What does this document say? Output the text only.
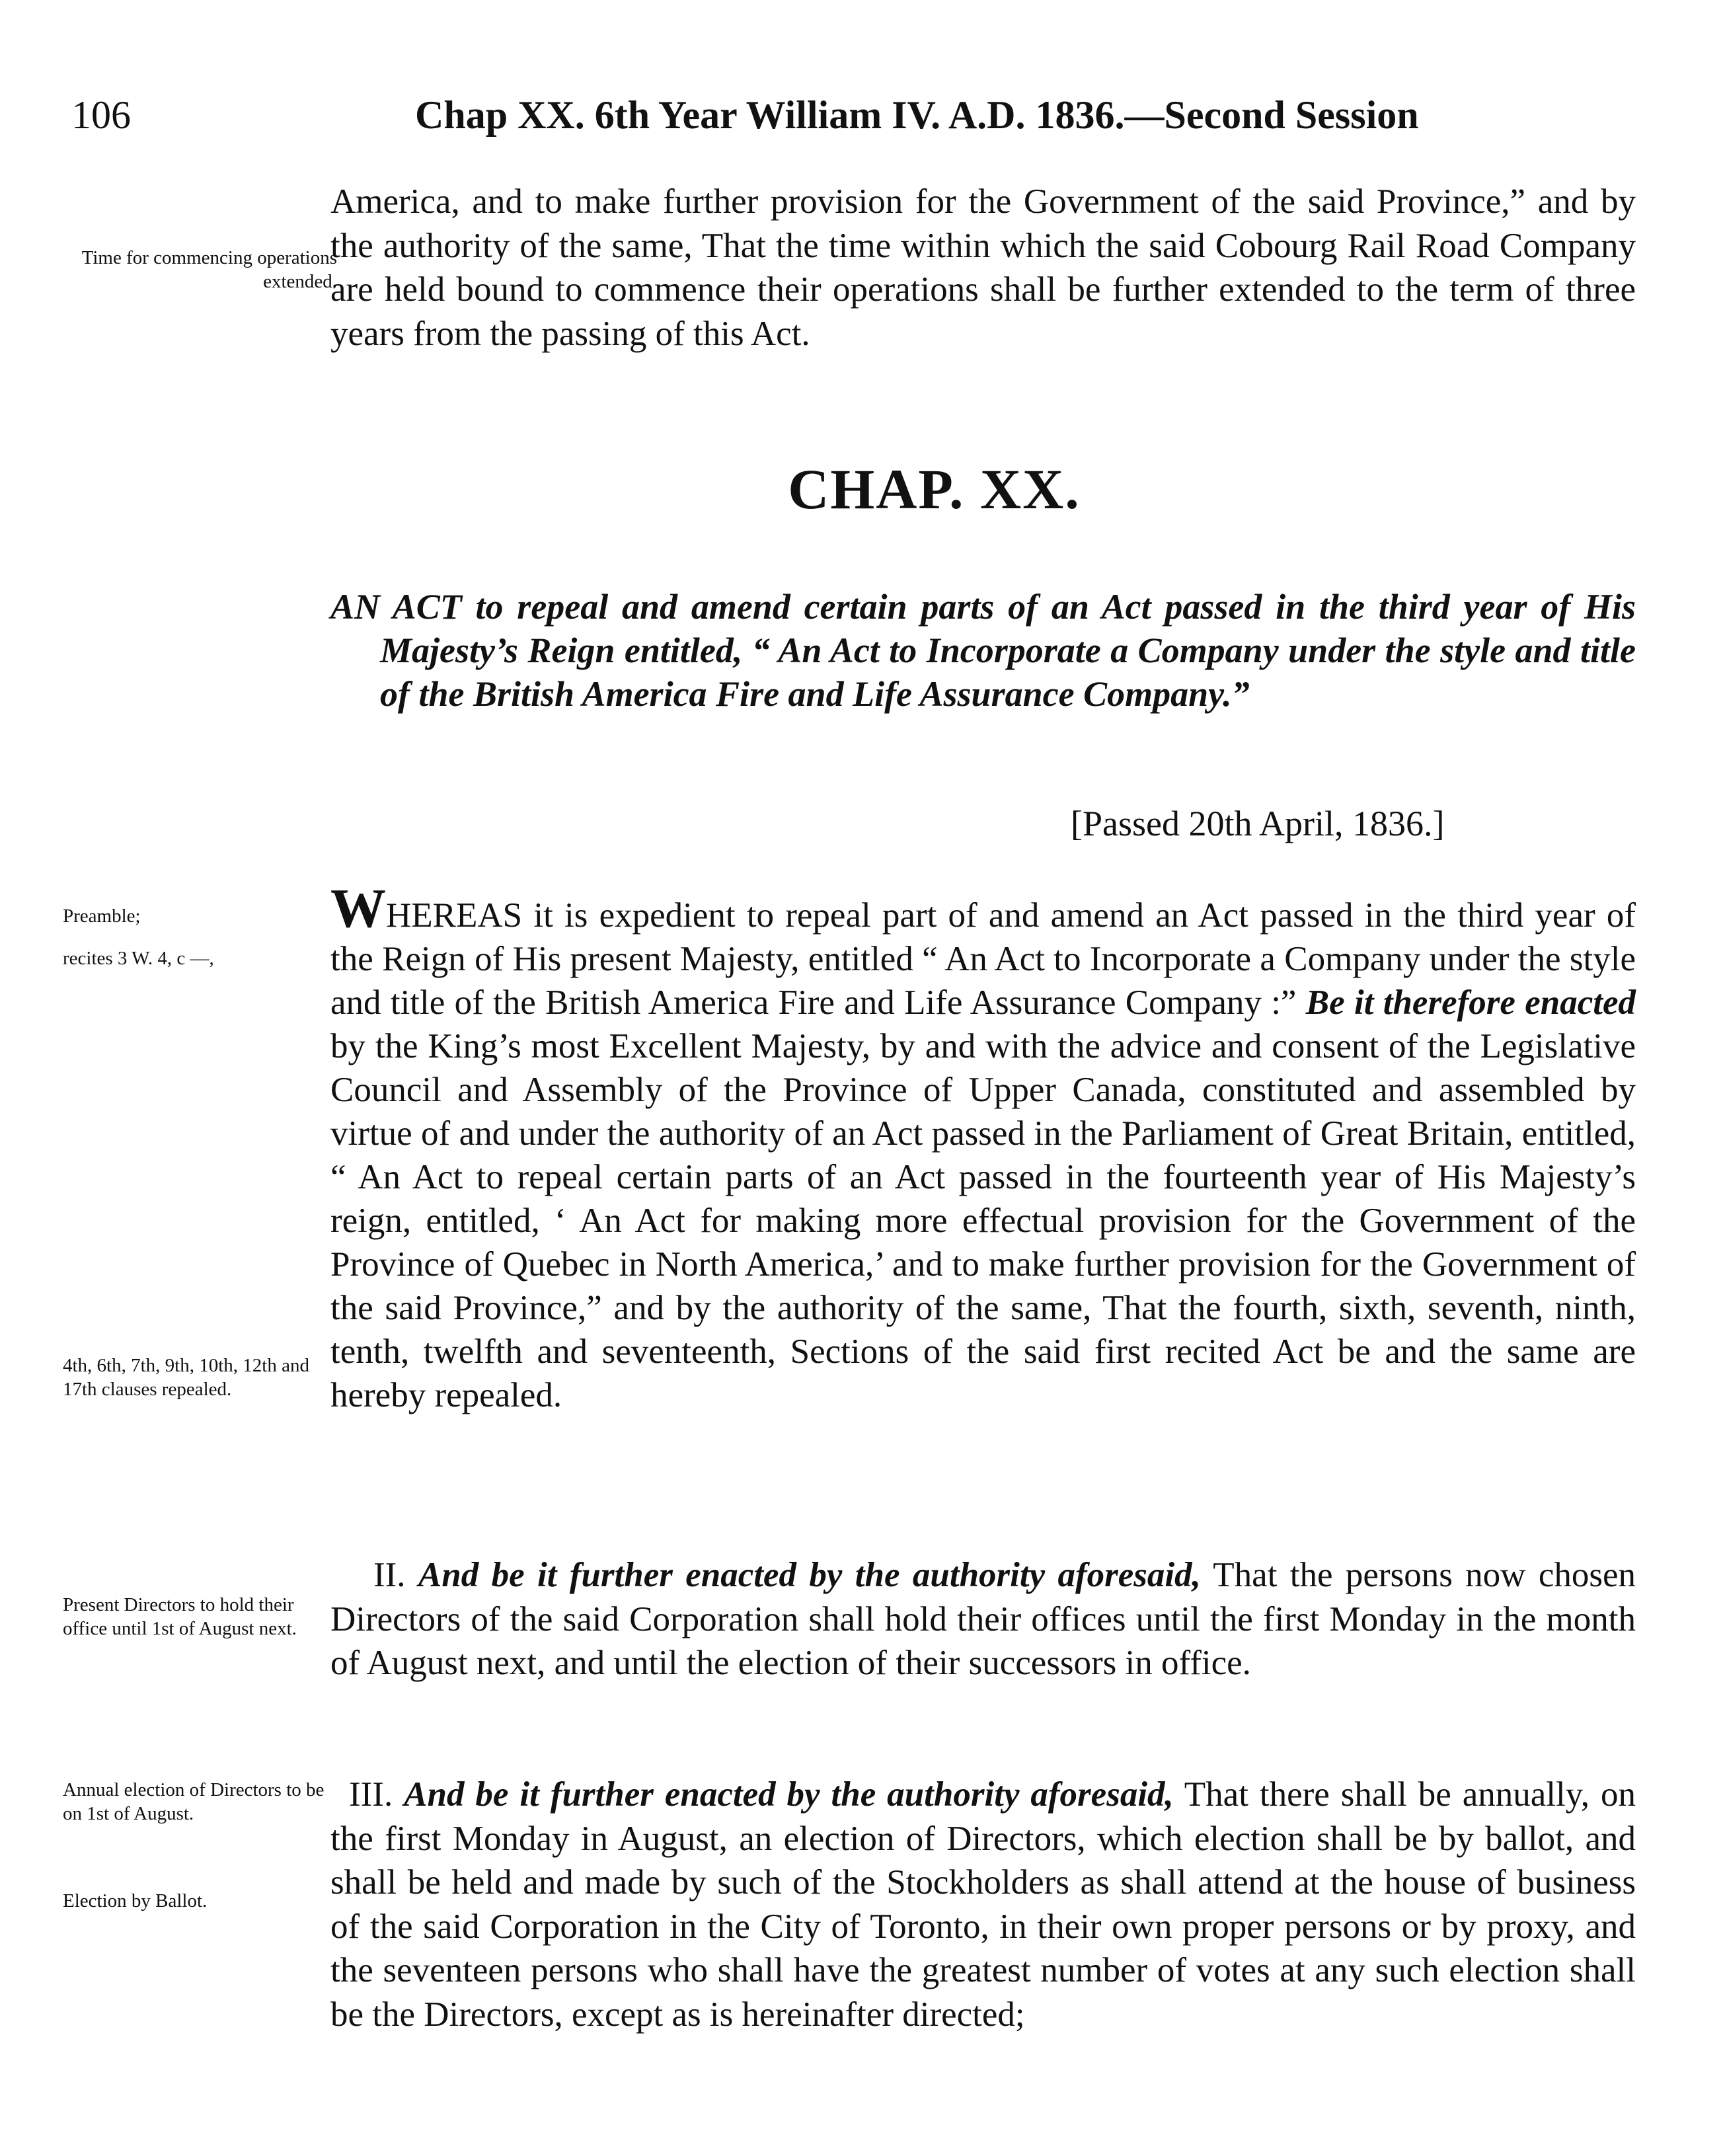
106	Chap XX. 6th Year William IV. A.D. 1836.—Second Session
Time for commencing operations extended.

America, and to make further provision for the Government of the said Province,” and by the authority of the same, That the time within which the said Cobourg Rail Road Company are held bound to commence their operations shall be further extended to the term of three years from the passing of this Act.

CHAP. XX.

AN ACT to repeal and amend certain parts of an Act passed in the third year of His Majesty’s Reign entitled, “ An Act to Incorporate a Company under the style and title of the British America Fire and Life Assurance Company.”

[Passed 20th April, 1836.]
Preamble;
recites 3 W. 4, c —,

WHEREAS it is expedient to repeal part of and amend an Act passed in the third year of the Reign of His present Majesty, entitled “ An Act to Incorporate a Company under the style and title of the British America Fire and Life Assurance Company :” Be it therefore enacted by the King’s most Excellent Majesty, by and with the advice and consent of the Legislative Council and Assembly of the Province of Upper Canada, constituted and assembled by virtue of and under the authority of an Act passed in the Parliament of Great Britain, entitled, “ An Act to repeal certain parts of an Act passed in the fourteenth year of His Majesty’s reign, entitled, ‘ An Act for making more effectual provision for the Government of the Province of Quebec in North America,’ and to make further provision for the Government of the said Province,” and by the authority of the same, That the fourth, sixth, seventh, ninth, tenth, twelfth and seventeenth, Sections of the said first recited Act be and the same are hereby repealed.

4th, 6th, 7th, 9th, 10th, 12th and 17th clauses repealed.
Present Directors to hold their office until 1st of August next.

II. And be it further enacted by the authority aforesaid, That the persons now chosen Directors of the said Corporation shall hold their offices until the first Monday in the month of August next, and until the election of their successors in office.

Annual election of Directors to be on 1st of August.
Election by Ballot.

III. And be it further enacted by the authority aforesaid, That there shall be annually, on the first Monday in August, an election of Directors, which election shall be by ballot, and shall be held and made by such of the Stockholders as shall attend at the house of business of the said Corporation in the City of Toronto, in their own proper persons or by proxy, and the seventeen persons who shall have the greatest number of votes at any such election shall be the Directors, except as is hereinafter directed;
